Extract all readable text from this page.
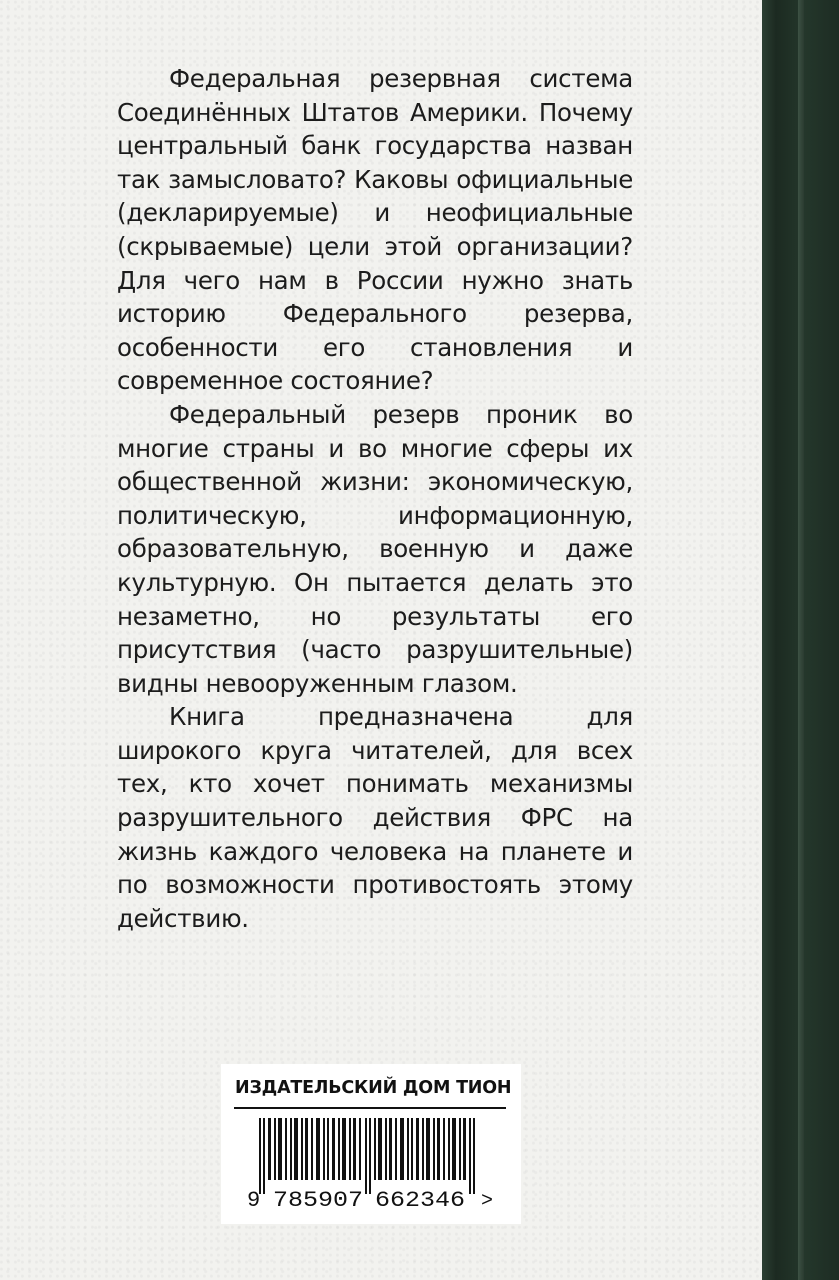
Федеральная резервная система Соединённых Штатов Америки. Почему центральный банк государства назван так замысловато? Каковы официальные (декларируемые) и неофициальные (скрываемые) цели этой организации? Для чего нам в России нужно знать историю Федерального резерва, особенности его становления и современное состояние?

Федеральный резерв проник во многие страны и во многие сферы их общественной жизни: экономическую, политическую, информационную, образовательную, военную и даже культурную. Он пытается делать это незаметно, но результаты его присутствия (часто разрушительные) видны невооруженным глазом.

Книга предназначена для широкого круга читателей, для всех тех, кто хочет понимать механизмы разрушительного действия ФРС на жизнь каждого человека на планете и по возможности противостоять этому действию.

ИЗДАТЕЛЬСКИЙ ДОМ ТИОН
9 785907 662346 >
